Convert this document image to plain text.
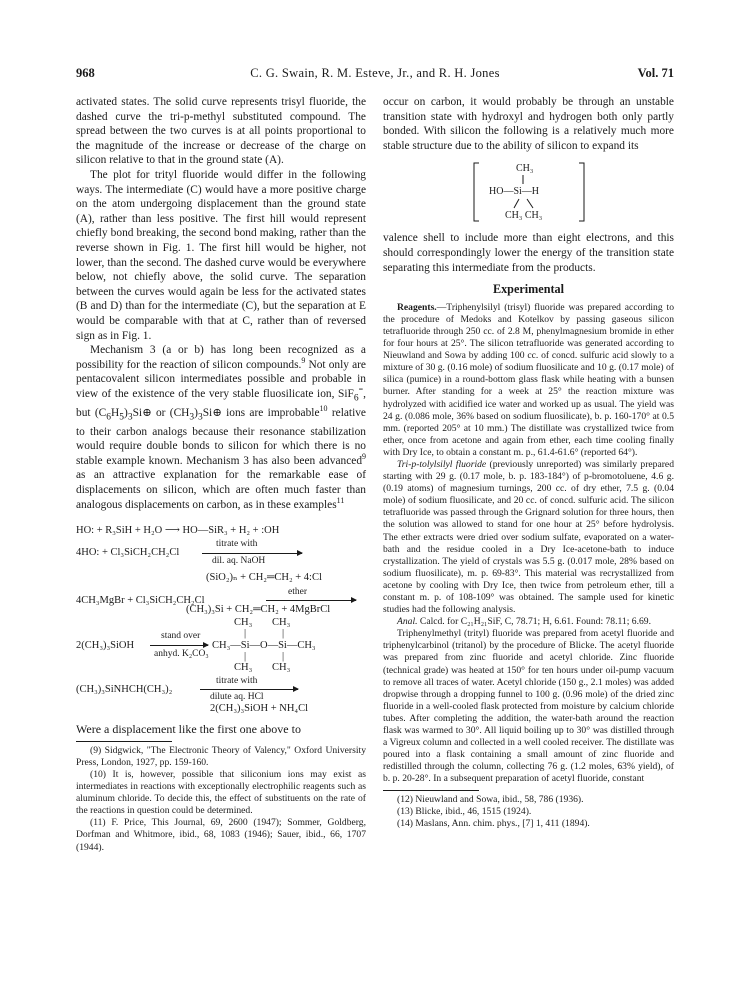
968	C. G. Swain, R. M. Esteve, Jr., and R. H. Jones	Vol. 71

activated states. The solid curve represents trisyl fluoride, the dashed curve the tri-p-methyl substituted compound. The spread between the two curves is at all points proportional to the magnitude of the increase or decrease of the charge on silicon relative to that in the ground state (A).

The plot for trityl fluoride would differ in the following ways. The intermediate (C) would have a more positive charge on the atom undergoing displacement than the ground state (A), rather than less positive. The first hill would represent chiefly bond breaking, the second bond making, rather than the reverse shown in Fig. 1. The first hill would be higher, not lower, than the second. The dashed curve would be everywhere below, not chiefly above, the solid curve. The separation between the curves would again be less for the activated states (B and D) than for the intermediate (C), but the separation at E would be comparable with that at C, rather than of reversed sign as in Fig. 1.

Mechanism 3 (a or b) has long been recognized as a possibility for the reaction of silicon compounds.$^9$ Not only are pentacovalent silicon intermediates possible and probable in view of the existence of the very stable fluosilicate ion, SiF$_6$=, but $(C_6H_5)_3Si\oplus$ or $(CH_3)_3Si\oplus$ ions are improbable$^{10}$ relative to their carbon analogs because their resonance stabilization would require double bonds to silicon for which there is no stable example known. Mechanism 3 has also been advanced$^9$ as an attractive explanation for the remarkable ease of displacements on silicon, which are often much faster than analogous displacements on carbon, as in these examples$^{11}$

HO: + R₃SiH + H₂O ⟶ HO—SiR₃ + H₂ + :OH
4HO: + Cl₃SiCH₂CH₂Cl
titrate with
dil. aq. NaOH
(SiO₂)ₙ + CH₂═CH₂ + 4:Cl
4CH₃MgBr + Cl₃SiCH₂CH₂Cl
ether
(CH₃)₃Si + CH₂═CH₂ + 4MgBrCl
CH₃ CH₃
|	|
2(CH₃)₃SiOH
stand over
anhyd. K₂CO₃
CH₃—Si—O—Si—CH₃
|	|
CH₃ CH₃
(CH₃)₃SiNHCH(CH₃)₂
titrate with
dilute aq. HCl
2(CH₃)₃SiOH + NH₄Cl

Were a displacement like the first one above to

(9) Sidgwick, "The Electronic Theory of Valency," Oxford University Press, London, 1927, pp. 159-160.

(10) It is, however, possible that siliconium ions may exist as intermediates in reactions with exceptionally electrophilic reagents such as aluminum chloride. To decide this, the effect of substituents on the rate of the reactions in question could be determined.

(11) F. Price, This Journal, 69, 2600 (1947); Sommer, Goldberg, Dorfman and Whitmore, ibid., 68, 1083 (1946); Sauer, ibid., 66, 1707 (1944).

occur on carbon, it would probably be through an unstable transition state with hydroxyl and hydrogen both only partly bonded. With silicon the following is a relatively much more stable structure due to the ability of silicon to expand its

CH₃
HO—Si—H
CH₃ CH₃

valence shell to include more than eight electrons, and this should correspondingly lower the energy of the transition state separating this intermediate from the products.

Experimental

Reagents.—Triphenylsilyl (trisyl) fluoride was prepared according to the procedure of Medoks and Kotelkov by passing gaseous silicon tetrafluoride through 250 cc. of 2.8 M, phenylmagnesium bromide in ether for four hours at 25°. The silicon tetrafluoride was generated according to Nieuwland and Sowa by adding 100 cc. of concd. sulfuric acid slowly to a mixture of 30 g. (0.16 mole) of sodium fluosilicate and 10 g. (0.17 mole) of silica (pumice) in a round-bottom glass flask while heating with a bunsen burner. After standing for a week at 25° the reaction mixture was hydrolyzed with acidified ice water and worked up as usual. The yield was 24 g. (0.086 mole, 36% based on sodium fluosilicate), b. p. 160-170° at 0.5 mm. (reported 205° at 10 mm.) The distillate was crystallized twice from ether, once from acetone and again from ether, each time cooling finally with Dry Ice, to obtain a constant m. p., 61.4-61.6° (reported 64°).

Tri-p-tolylsilyl fluoride (previously unreported) was similarly prepared starting with 29 g. (0.17 mole, b. p. 183-184°) of p-bromotoluene, 4.6 g. (0.19 atoms) of magnesium turnings, 200 cc. of dry ether, 7.5 g. (0.04 mole) of sodium fluosilicate, and 20 cc. of concd. sulfuric acid. The silicon tetrafluoride was passed through the Grignard solution for three hours, then the solution was allowed to stand for one hour at 25° before hydrolysis. The ether extracts were dried over sodium sulfate, evaporated on a water-bath and the residue cooled in a Dry Ice-acetone-bath to induce crystallization. The yield of crystals was 5.5 g. (0.017 mole, 28% based on sodium fluosilicate), m. p. 69-83°. This material was recrystallized from acetone by cooling with Dry Ice, then twice from petroleum ether, till a constant m. p. of 108-109° was obtained. The sample used for kinetic studies had the following analysis.

Anal. Calcd. for C₂₁H₂₁SiF, C, 78.71; H, 6.61. Found: 78.11; 6.69.

Triphenylmethyl (trityl) fluoride was prepared from acetyl fluoride and triphenylcarbinol (tritanol) by the procedure of Blicke. The acetyl fluoride was prepared from zinc fluoride and acetyl chloride. Zinc fluoride (technical grade) was heated at 150° for ten hours under oil-pump vacuum to remove all traces of water. Acetyl chloride (150 g., 2.1 moles) was added dropwise through a dropping funnel to 100 g. (0.96 mole) of the dried zinc fluoride in a well-cooled flask protected from moisture by calcium chloride tubes. After completing the addition, the water-bath around the reaction flask was warmed to 30°. All liquid boiling up to 30° was distilled through a Vigreux column and collected in a well cooled receiver. The distillate was poured into a flask containing a small amount of zinc fluoride and redistilled through the column, collecting 76 g. (1.2 moles, 63% yield), of b. p. 20-28°. In a subsequent preparation of acetyl fluoride, constant

(12) Nieuwland and Sowa, ibid., 58, 786 (1936).

(13) Blicke, ibid., 46, 1515 (1924).

(14) Maslans, Ann. chim. phys., [7] 1, 411 (1894).
